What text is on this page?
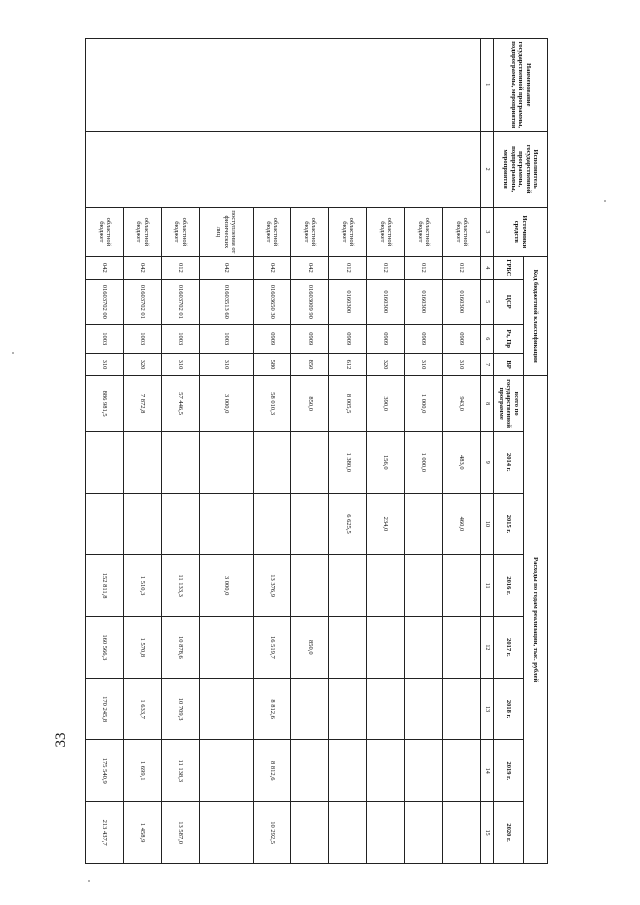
33
Наименование государственной программы, подпрограммы, мероприятия	Исполнитель государственной программы, подпрограммы, мероприятия	Источники средств	Код бюджетной классификации				Расходы по годам реализации, тыс. рублей							
			ГРБС	ЦСР	Рз, Пр	ВР	всего по государственной программе	2014 г.	2015 г.	2016 г.	2017 г.	2018 г.	2019 г.	2020 г.
1	2	3	4	5	6	7	8	9	10	11	12	13	14	15
		областной бюджет	012	0160300	0909	310	943,0	483,0	460,0					
		областной бюджет	012	0160300	0909	310	1 000,0	1 000,0						
		областной бюджет	012	0160300	0909	320	390,0	156,0	234,0					
		областной бюджет	012	0160300	0909	612	8 005,5	1 380,0	6 625,5					
		областной бюджет	042	01603009 90	0909	850	850,0				850,0			
		областной бюджет	042	01603650 30	0909	580	58 010,3			13 376,9	16 519,7	8 812,6	8 812,6	10 292,5
		поступления от физических лиц	042	01603513 60	1003	310	3 000,0			3 000,0				
		областной бюджет	012	01603702 01	1003	310	57 446,5			11 133,3	10 878,6	10 709,3	11 138,3	13 587,0
		областной бюджет	042	01603702 01	1003	320	7 872,8			1 510,3	1 570,8	1 633,7	1 699,1	1 458,9
		областной бюджет	042	01603702 00	1003	310	886 981,5			152 811,8	160 566,3	170 245,8	175 540,9	213 437,7
